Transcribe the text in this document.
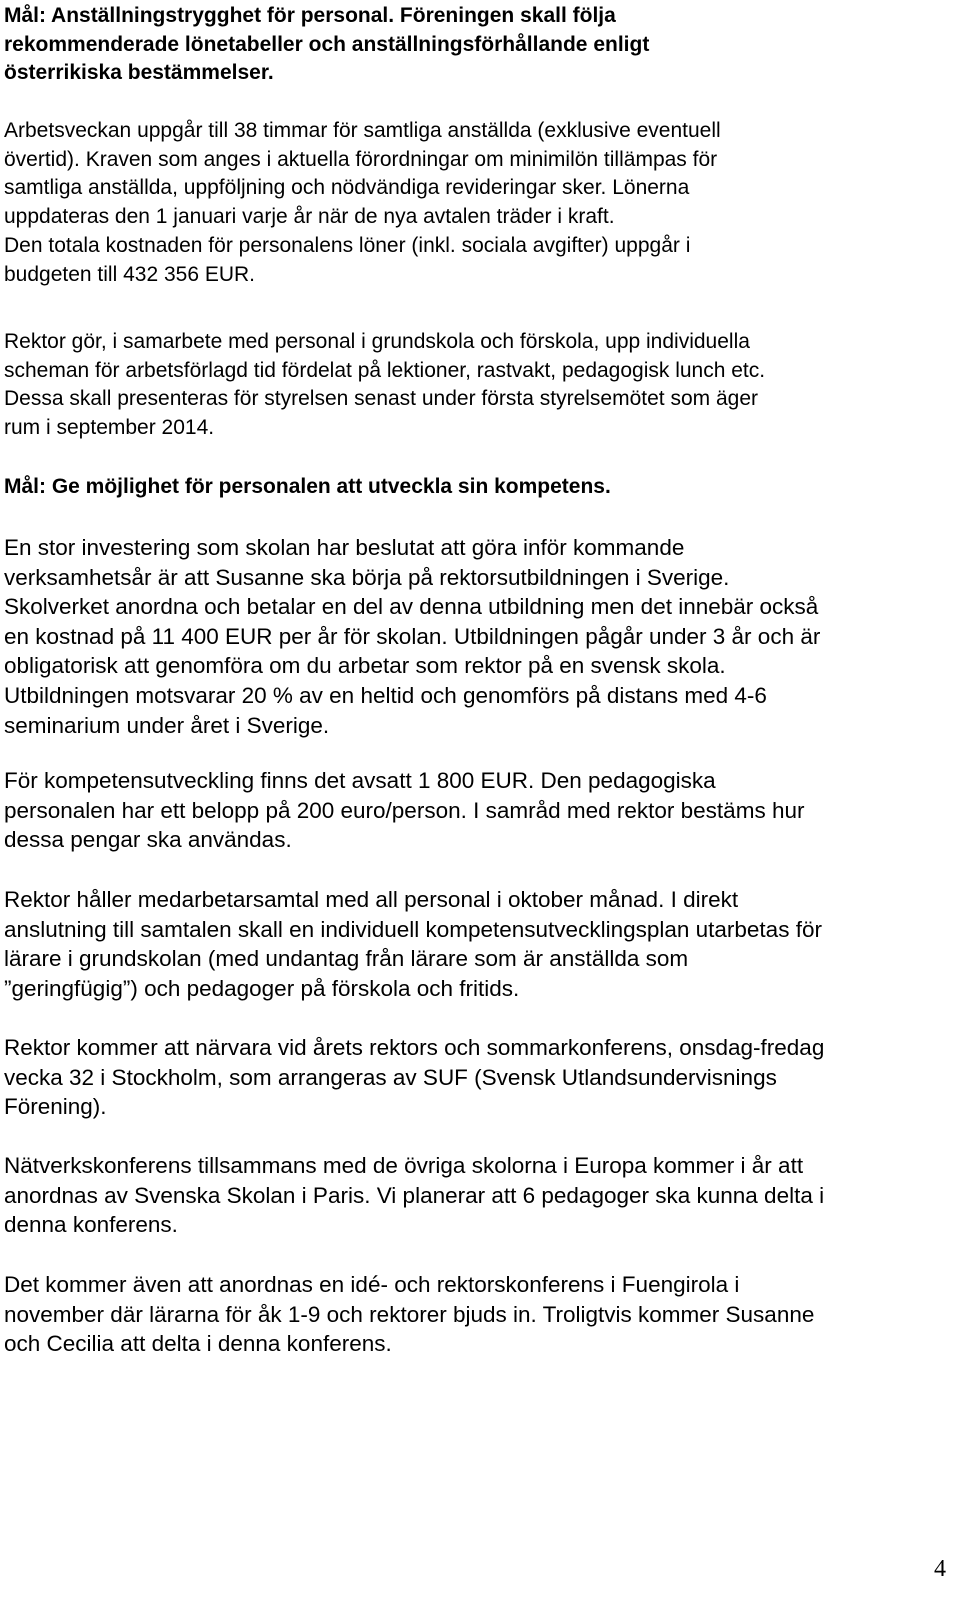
Mål: Anställningstrygghet för personal. Föreningen skall följa
rekommenderade lönetabeller och anställningsförhållande enligt
österrikiska bestämmelser.
Arbetsveckan uppgår till 38 timmar för samtliga anställda (exklusive eventuell
övertid). Kraven som anges i aktuella förordningar om minimilön tillämpas för
samtliga anställda, uppföljning och nödvändiga revideringar sker. Lönerna
uppdateras den 1 januari varje år när de nya avtalen träder i kraft.
Den totala kostnaden för personalens löner (inkl. sociala avgifter) uppgår i
budgeten till 432 356 EUR.
Rektor gör, i samarbete med personal i grundskola och förskola, upp individuella
scheman för arbetsförlagd tid fördelat på lektioner, rastvakt, pedagogisk lunch etc.
Dessa skall presenteras för styrelsen senast under första styrelsemötet som äger
rum i september 2014.
Mål: Ge möjlighet för personalen att utveckla sin kompetens.
En stor investering som skolan har beslutat att göra inför kommande
verksamhetsår är att Susanne ska börja på rektorsutbildningen i Sverige.
Skolverket anordna och betalar en del av denna utbildning men det innebär också
en kostnad på 11 400 EUR per år för skolan. Utbildningen pågår under 3 år och är
obligatorisk att genomföra om du arbetar som rektor på en svensk skola.
Utbildningen motsvarar 20 % av en heltid och genomförs på distans med 4-6
seminarium under året i Sverige.
För kompetensutveckling finns det avsatt 1 800 EUR. Den pedagogiska
personalen har ett belopp på 200 euro/person. I samråd med rektor bestäms hur
dessa pengar ska användas.
Rektor håller medarbetarsamtal med all personal i oktober månad. I direkt
anslutning till samtalen skall en individuell kompetensutvecklingsplan utarbetas för
lärare i grundskolan (med undantag från lärare som är anställda som
”geringfügig”) och pedagoger på förskola och fritids.
Rektor kommer att närvara vid årets rektors och sommarkonferens, onsdag-fredag
vecka 32 i Stockholm, som arrangeras av SUF (Svensk Utlandsundervisnings
Förening).
Nätverkskonferens tillsammans med de övriga skolorna i Europa kommer i år att
anordnas av Svenska Skolan i Paris. Vi planerar att 6 pedagoger ska kunna delta i
denna konferens.
Det kommer även att anordnas en idé- och rektorskonferens i Fuengirola i
november där lärarna för åk 1-9 och rektorer bjuds in. Troligtvis kommer Susanne
och Cecilia att delta i denna konferens.
4
